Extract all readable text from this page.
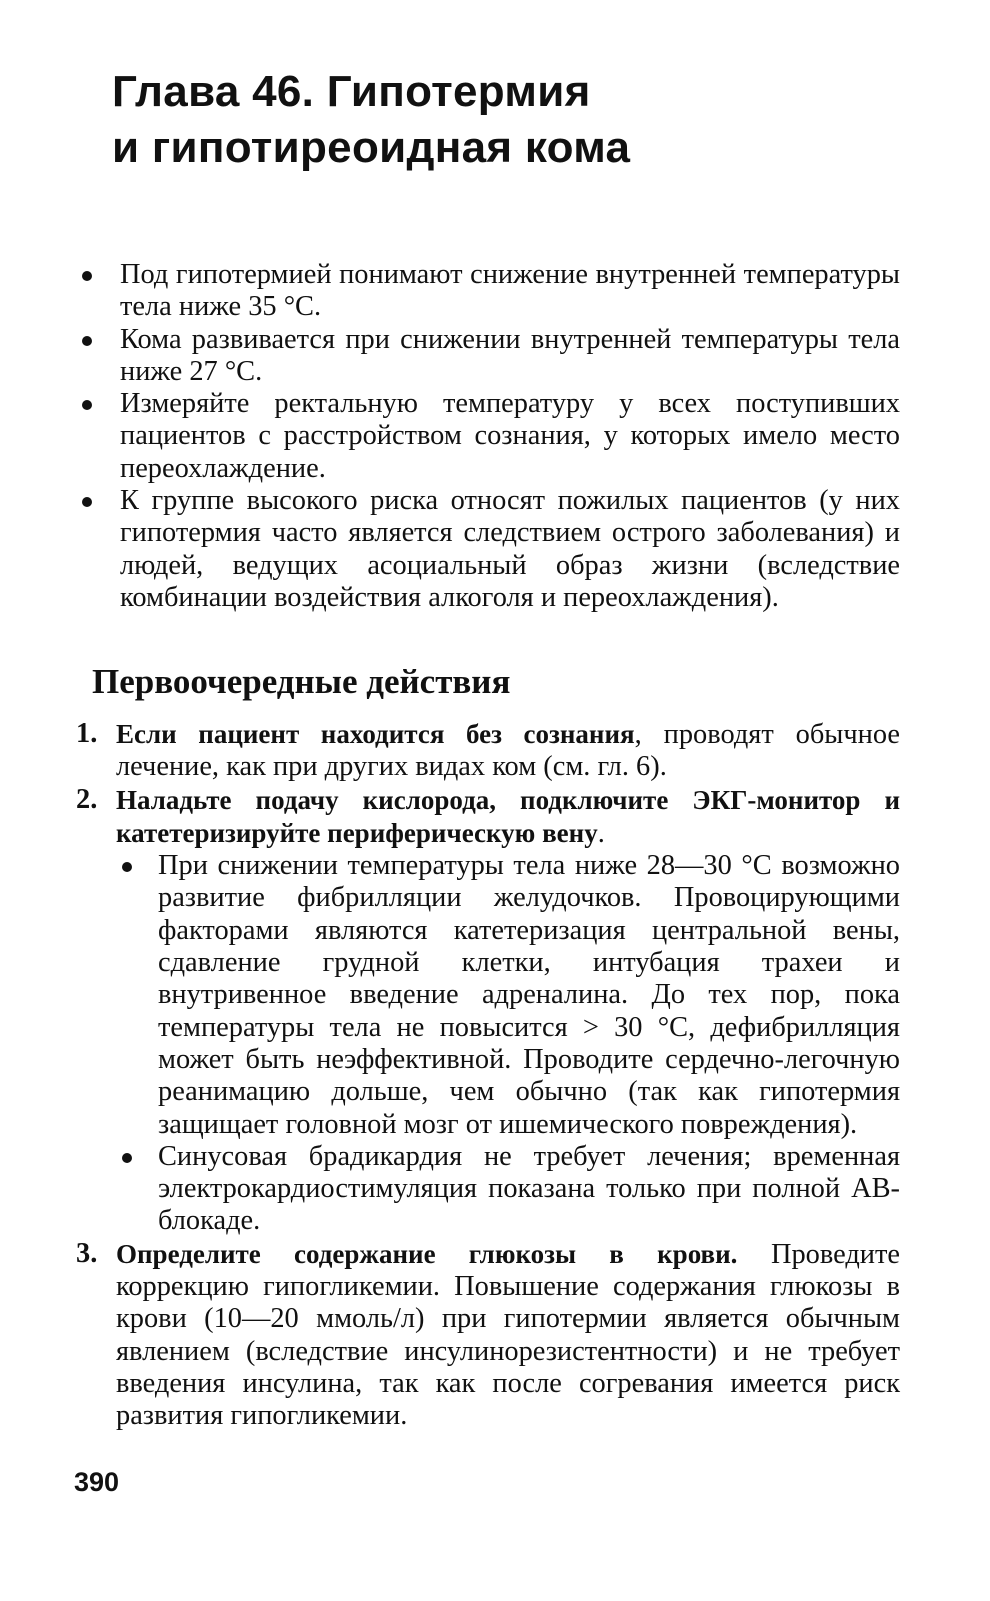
Глава 46. Гипотермия
и гипотиреоидная кома
Под гипотермией понимают снижение внутренней температуры тела ниже 35 °С.
Кома развивается при снижении внутренней температуры тела ниже 27 °С.
Измеряйте ректальную температуру у всех поступивших пациентов с расстройством сознания, у которых имело место переохлаждение.
К группе высокого риска относят пожилых пациентов (у них гипотермия часто является следствием острого заболевания) и людей, ведущих асоциальный образ жизни (вследствие комбинации воздействия алкоголя и переохлаждения).
Первоочередные действия
1. Если пациент находится без сознания, проводят обычное лечение, как при других видах ком (см. гл. 6).
2. Наладьте подачу кислорода, подключите ЭКГ-монитор и катетеризируйте периферическую вену.
При снижении температуры тела ниже 28—30 °С возможно развитие фибрилляции желудочков. Провоцирующими факторами являются катетеризация центральной вены, сдавление грудной клетки, интубация трахеи и внутривенное введение адреналина. До тех пор, пока температуры тела не повысится > 30 °С, дефибрилляция может быть неэффективной. Проводите сердечно-легочную реанимацию дольше, чем обычно (так как гипотермия защищает головной мозг от ишемического повреждения).
Синусовая брадикардия не требует лечения; временная электрокардиостимуляция показана только при полной АВ-блокаде.
3. Определите содержание глюкозы в крови. Проведите коррекцию гипогликемии. Повышение содержания глюкозы в крови (10—20 ммоль/л) при гипотермии является обычным явлением (вследствие инсулинорезистентности) и не требует введения инсулина, так как после согревания имеется риск развития гипогликемии.

390
